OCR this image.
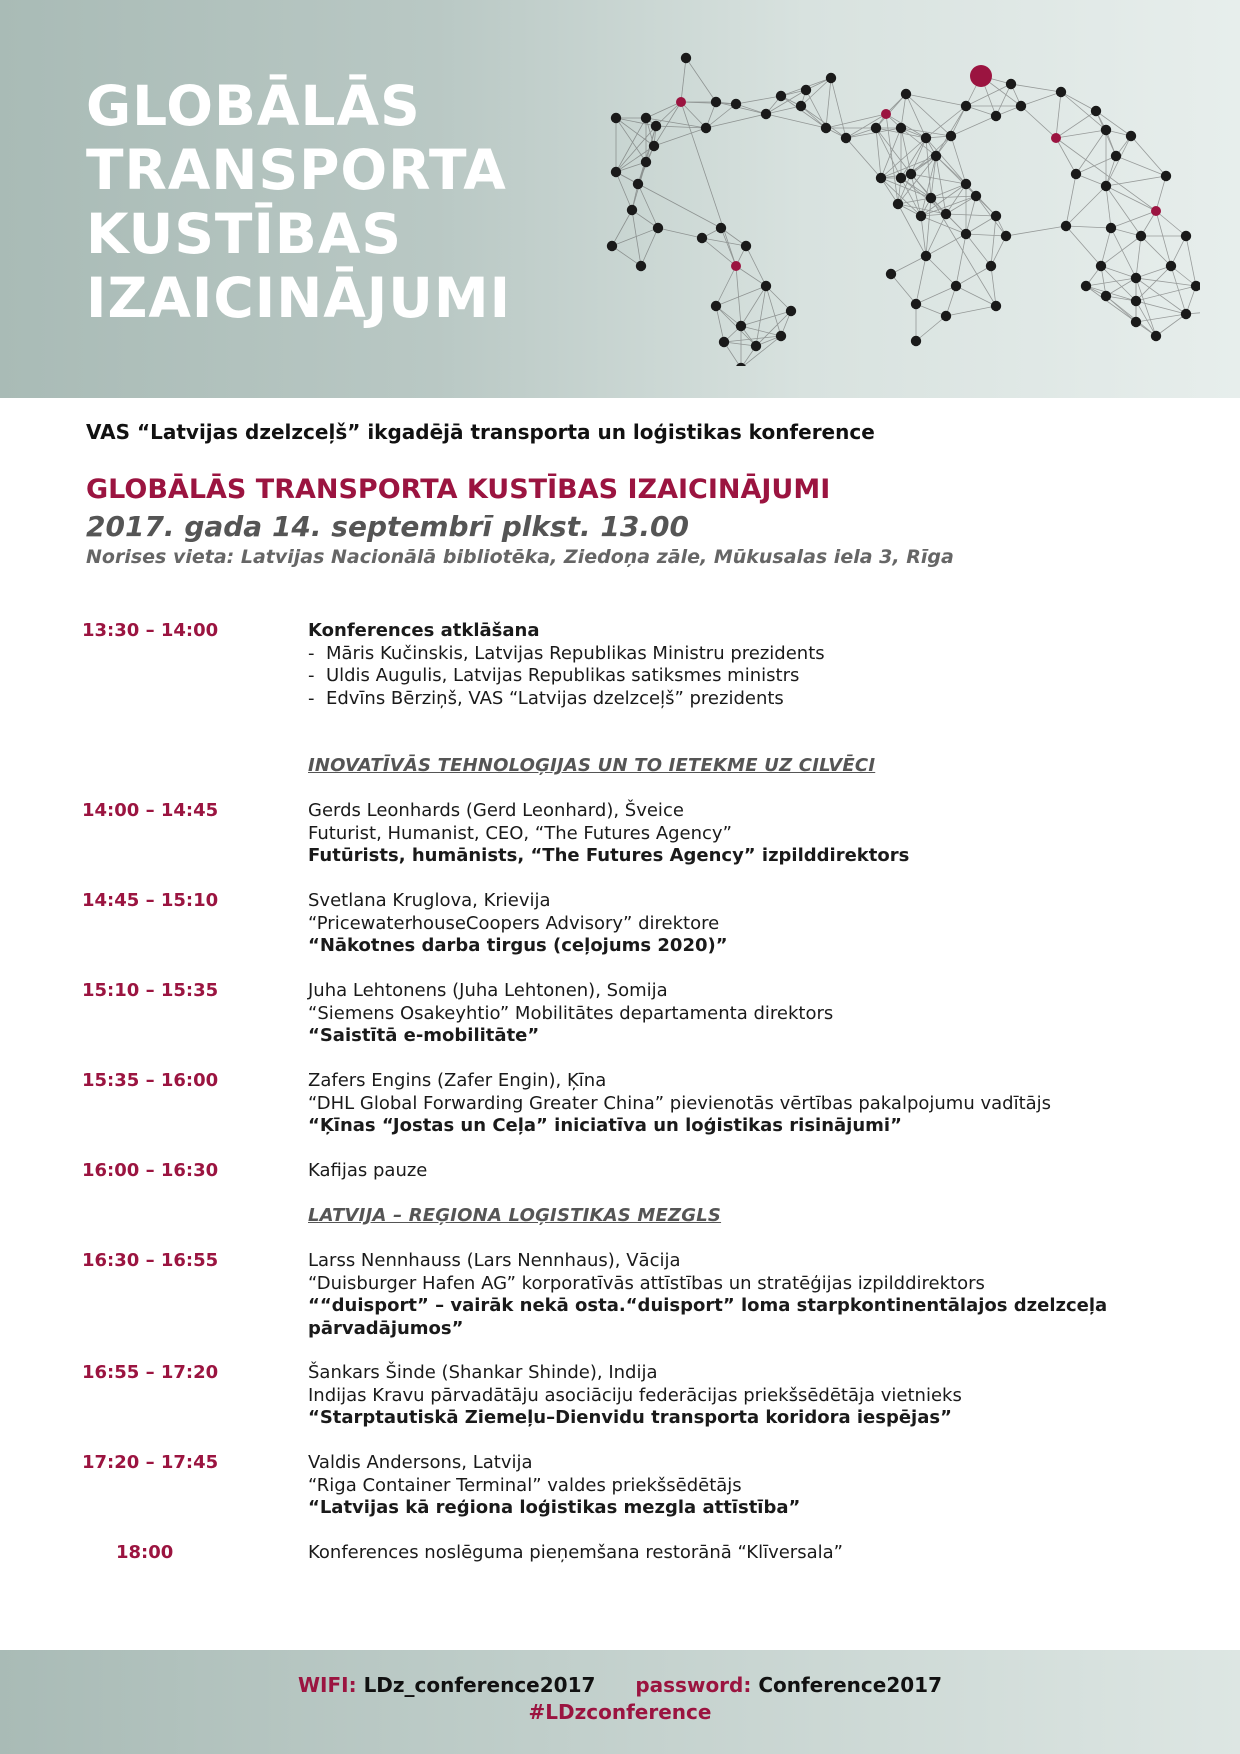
GLOBĀLĀS
TRANSPORTA
KUSTĪBAS
IZAICINĀJUMI
VAS “Latvijas dzelzceļš” ikgadējā transporta un loģistikas konference
GLOBĀLĀS TRANSPORTA KUSTĪBAS IZAICINĀJUMI
2017. gada 14. septembrī plkst. 13.00
Norises vieta: Latvijas Nacionālā bibliotēka, Ziedoņa zāle, Mūkusalas iela 3, Rīga
13:30 – 14:00	Konferences atklāšana
- Māris Kučinskis, Latvijas Republikas Ministru prezidents
- Uldis Augulis, Latvijas Republikas satiksmes ministrs
- Edvīns Bērziņš, VAS “Latvijas dzelzceļš” prezidents
INOVATĪVĀS TEHNOLOĢIJAS UN TO IETEKME UZ CILVĒCI
14:00 – 14:45	Gerds Leonhards (Gerd Leonhard), Šveice
Futurist, Humanist, CEO, “The Futures Agency”
Futūrists, humānists, “The Futures Agency” izpilddirektors
14:45 – 15:10	Svetlana Kruglova, Krievija
“PricewaterhouseCoopers Advisory” direktore
“Nākotnes darba tirgus (ceļojums 2020)”
15:10 – 15:35	Juha Lehtonens (Juha Lehtonen), Somija
“Siemens Osakeyhtio” Mobilitātes departamenta direktors
“Saistītā e-mobilitāte”
15:35 – 16:00	Zafers Engins (Zafer Engin), Ķīna
“DHL Global Forwarding Greater China” pievienotās vērtības pakalpojumu vadītājs
“Ķīnas “Jostas un Ceļa” iniciatīva un loģistikas risinājumi”
16:00 – 16:30	Kafijas pauze
LATVIJA – REĢIONA LOĢISTIKAS MEZGLS
16:30 – 16:55	Larss Nennhauss (Lars Nennhaus), Vācija
“Duisburger Hafen AG” korporatīvās attīstības un stratēģijas izpilddirektors
““duisport” – vairāk nekā osta.“duisport” loma starpkontinentālajos dzelzceļa pārvadājumos”
16:55 – 17:20	Šankars Šinde (Shankar Shinde), Indija
Indijas Kravu pārvadātāju asociāciju federācijas priekšsēdētāja vietnieks
“Starptautiskā Ziemeļu–Dienvidu transporta koridora iespējas”
17:20 – 17:45	Valdis Andersons, Latvija
“Riga Container Terminal” valdes priekšsēdētājs
“Latvijas kā reģiona loģistikas mezgla attīstība”
18:00	Konferences noslēguma pieņemšana restorānā “Klīversala”
WIFI: LDz_conference2017 password: Conference2017
#LDzconference
